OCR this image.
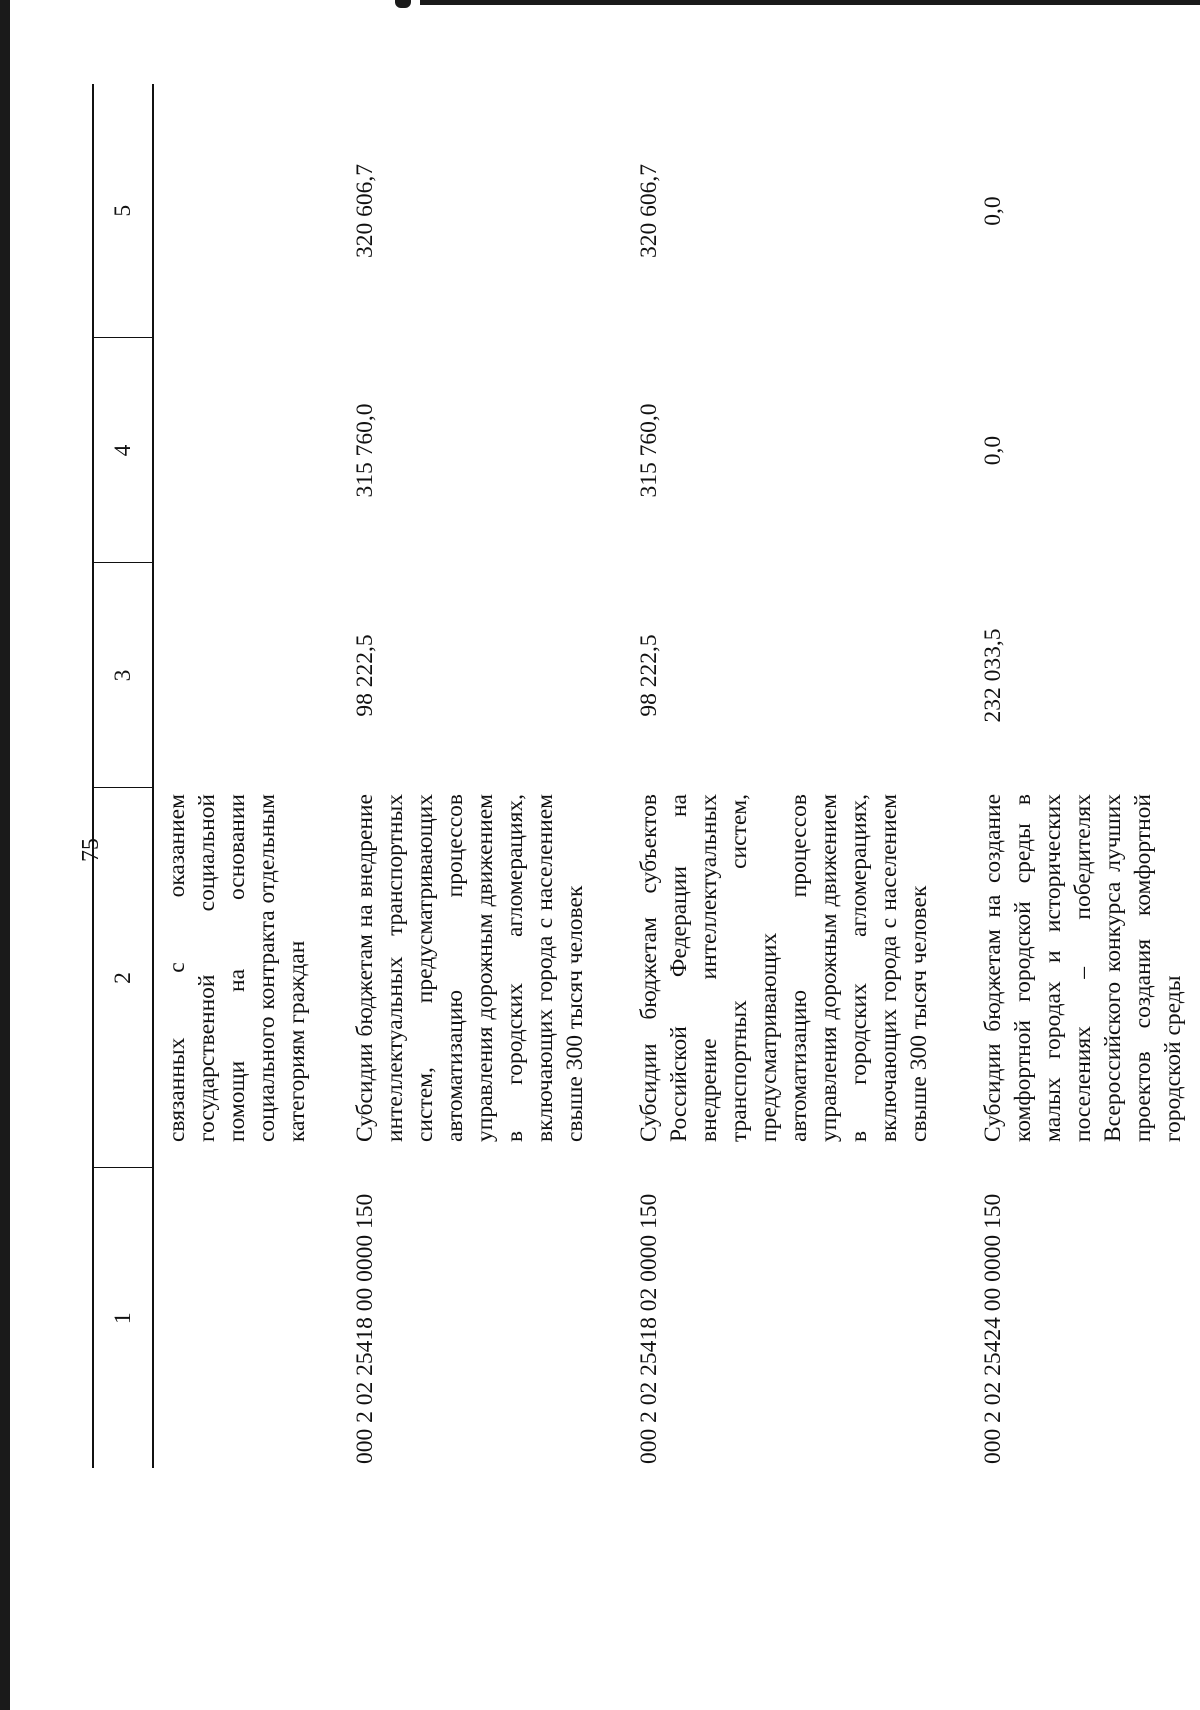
75
1	2	3	4	5
	связанных с оказанием государственной социальной помощи на основании социального контракта отдельным категориям граждан			
000 2 02 25418 00 0000 150	Субсидии бюджетам на внедрение интеллектуальных транспортных систем, предусматривающих автоматизацию процессов управления дорожным движением в городских агломерациях, включающих города с населением свыше 300 тысяч человек	98 222,5	315 760,0	320 606,7
000 2 02 25418 02 0000 150	Субсидии бюджетам субъектов Российской Федерации на внедрение интеллектуальных транспортных систем, предусматривающих автоматизацию процессов управления дорожным движением в городских агломерациях, включающих города с населением свыше 300 тысяч человек	98 222,5	315 760,0	320 606,7
000 2 02 25424 00 0000 150	Субсидии бюджетам на создание комфортной городской среды в малых городах и исторических поселениях – победителях Всероссийского конкурса лучших проектов создания комфортной городской среды	232 033,5	0,0	0,0
